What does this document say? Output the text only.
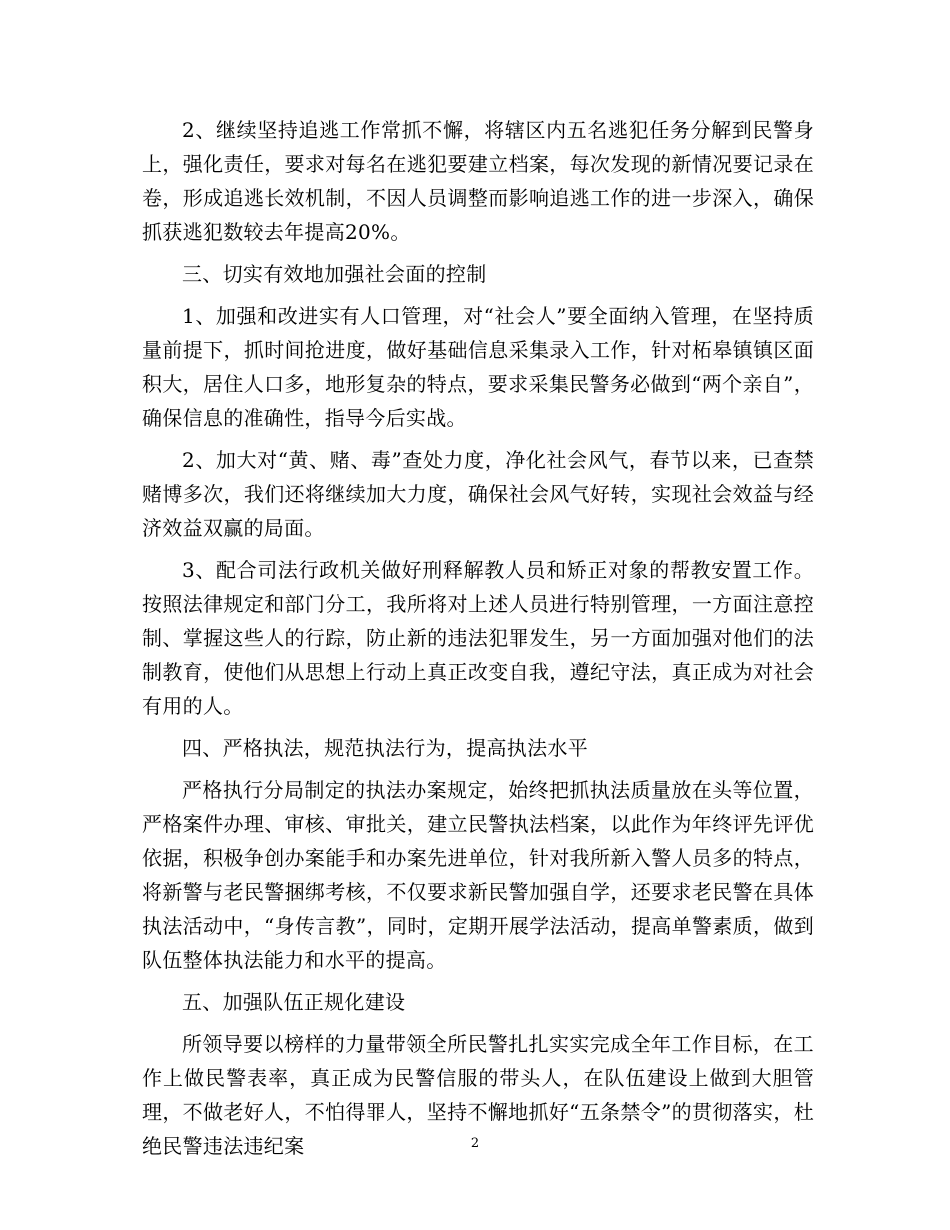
2、继续坚持追逃工作常抓不懈，将辖区内五名逃犯任务分解到民警身上，强化责任，要求对每名在逃犯要建立档案，每次发现的新情况要记录在卷，形成追逃长效机制，不因人员调整而影响追逃工作的进一步深入，确保抓获逃犯数较去年提高20%。

三、切实有效地加强社会面的控制

1、加强和改进实有人口管理，对“社会人”要全面纳入管理，在坚持质量前提下，抓时间抢进度，做好基础信息采集录入工作，针对柘皋镇镇区面积大，居住人口多，地形复杂的特点，要求采集民警务必做到“两个亲自”，确保信息的准确性，指导今后实战。

2、加大对“黄、赌、毒”查处力度，净化社会风气，春节以来，已查禁赌博多次，我们还将继续加大力度，确保社会风气好转，实现社会效益与经济效益双赢的局面。

3、配合司法行政机关做好刑释解教人员和矫正对象的帮教安置工作。按照法律规定和部门分工，我所将对上述人员进行特别管理，一方面注意控制、掌握这些人的行踪，防止新的违法犯罪发生，另一方面加强对他们的法制教育，使他们从思想上行动上真正改变自我，遵纪守法，真正成为对社会有用的人。

四、严格执法，规范执法行为，提高执法水平

严格执行分局制定的执法办案规定，始终把抓执法质量放在头等位置，严格案件办理、审核、审批关，建立民警执法档案，以此作为年终评先评优依据，积极争创办案能手和办案先进单位，针对我所新入警人员多的特点，将新警与老民警捆绑考核，不仅要求新民警加强自学，还要求老民警在具体执法活动中，“身传言教”，同时，定期开展学法活动，提高单警素质，做到队伍整体执法能力和水平的提高。

五、加强队伍正规化建设

所领导要以榜样的力量带领全所民警扎扎实实完成全年工作目标，在工作上做民警表率，真正成为民警信服的带头人，在队伍建设上做到大胆管理，不做老好人，不怕得罪人，坚持不懈地抓好“五条禁令”的贯彻落实，杜绝民警违法违纪案	2
